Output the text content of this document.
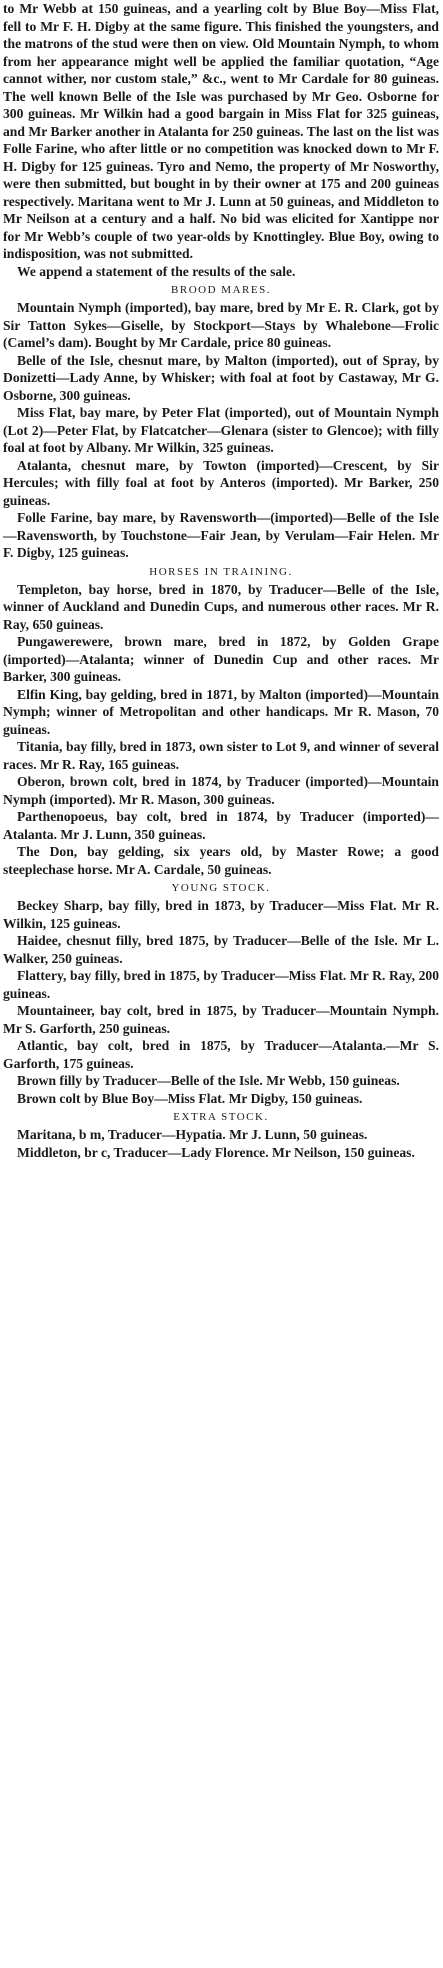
to Mr Webb at 150 guineas, and a yearling colt by Blue Boy—Miss Flat, fell to Mr F. H. Digby at the same figure. This finished the youngsters, and the matrons of the stud were then on view. Old Mountain Nymph, to whom from her appearance might well be applied the familiar quotation, “Age cannot wither, nor custom stale,” &c., went to Mr Cardale for 80 guineas. The well known Belle of the Isle was purchased by Mr Geo. Osborne for 300 guineas. Mr Wilkin had a good bargain in Miss Flat for 325 guineas, and Mr Barker another in Atalanta for 250 guineas. The last on the list was Folle Farine, who after little or no competition was knocked down to Mr F. H. Digby for 125 guineas. Tyro and Nemo, the property of Mr Nosworthy, were then submitted, but bought in by their owner at 175 and 200 guineas respectively. Maritana went to Mr J. Lunn at 50 guineas, and Middleton to Mr Neilson at a century and a half. No bid was elicited for Xantippe nor for Mr Webb’s couple of two year-olds by Knottingley. Blue Boy, owing to indisposition, was not submitted.

We append a statement of the results of the sale.

BROOD MARES.

Mountain Nymph (imported), bay mare, bred by Mr E. R. Clark, got by Sir Tatton Sykes—Giselle, by Stockport—Stays by Whalebone—Frolic (Camel’s dam). Bought by Mr Cardale, price 80 guineas.

Belle of the Isle, chesnut mare, by Malton (imported), out of Spray, by Donizetti—Lady Anne, by Whisker; with foal at foot by Castaway, Mr G. Osborne, 300 guineas.

Miss Flat, bay mare, by Peter Flat (imported), out of Mountain Nymph (Lot 2)—Peter Flat, by Flatcatcher—Glenara (sister to Glencoe); with filly foal at foot by Albany. Mr Wilkin, 325 guineas.

Atalanta, chesnut mare, by Towton (imported)—Crescent, by Sir Hercules; with filly foal at foot by Anteros (imported). Mr Barker, 250 guineas.

Folle Farine, bay mare, by Ravensworth—(imported)—Belle of the Isle—Ravensworth, by Touchstone—Fair Jean, by Verulam—Fair Helen. Mr F. Digby, 125 guineas.

HORSES IN TRAINING.

Templeton, bay horse, bred in 1870, by Traducer—Belle of the Isle, winner of Auckland and Dunedin Cups, and numerous other races. Mr R. Ray, 650 guineas.

Pungawerewere, brown mare, bred in 1872, by Golden Grape (imported)—Atalanta; winner of Dunedin Cup and other races. Mr Barker, 300 guineas.

Elfin King, bay gelding, bred in 1871, by Malton (imported)—Mountain Nymph; winner of Metropolitan and other handicaps. Mr R. Mason, 70 guineas.

Titania, bay filly, bred in 1873, own sister to Lot 9, and winner of several races. Mr R. Ray, 165 guineas.

Oberon, brown colt, bred in 1874, by Traducer (imported)—Mountain Nymph (imported). Mr R. Mason, 300 guineas.

Parthenopoeus, bay colt, bred in 1874, by Traducer (imported)—Atalanta. Mr J. Lunn, 350 guineas.

The Don, bay gelding, six years old, by Master Rowe; a good steeplechase horse. Mr A. Cardale, 50 guineas.

YOUNG STOCK.

Beckey Sharp, bay filly, bred in 1873, by Traducer—Miss Flat. Mr R. Wilkin, 125 guineas.

Haidee, chesnut filly, bred 1875, by Traducer—Belle of the Isle. Mr L. Walker, 250 guineas.

Flattery, bay filly, bred in 1875, by Traducer—Miss Flat. Mr R. Ray, 200 guineas.

Mountaineer, bay colt, bred in 1875, by Traducer—Mountain Nymph. Mr S. Garforth, 250 guineas.

Atlantic, bay colt, bred in 1875, by Traducer—Atalanta.—Mr S. Garforth, 175 guineas.

Brown filly by Traducer—Belle of the Isle. Mr Webb, 150 guineas.

Brown colt by Blue Boy—Miss Flat. Mr Digby, 150 guineas.

EXTRA STOCK.

Maritana, b m, Traducer—Hypatia. Mr J. Lunn, 50 guineas.

Middleton, br c, Traducer—Lady Florence. Mr Neilson, 150 guineas.
